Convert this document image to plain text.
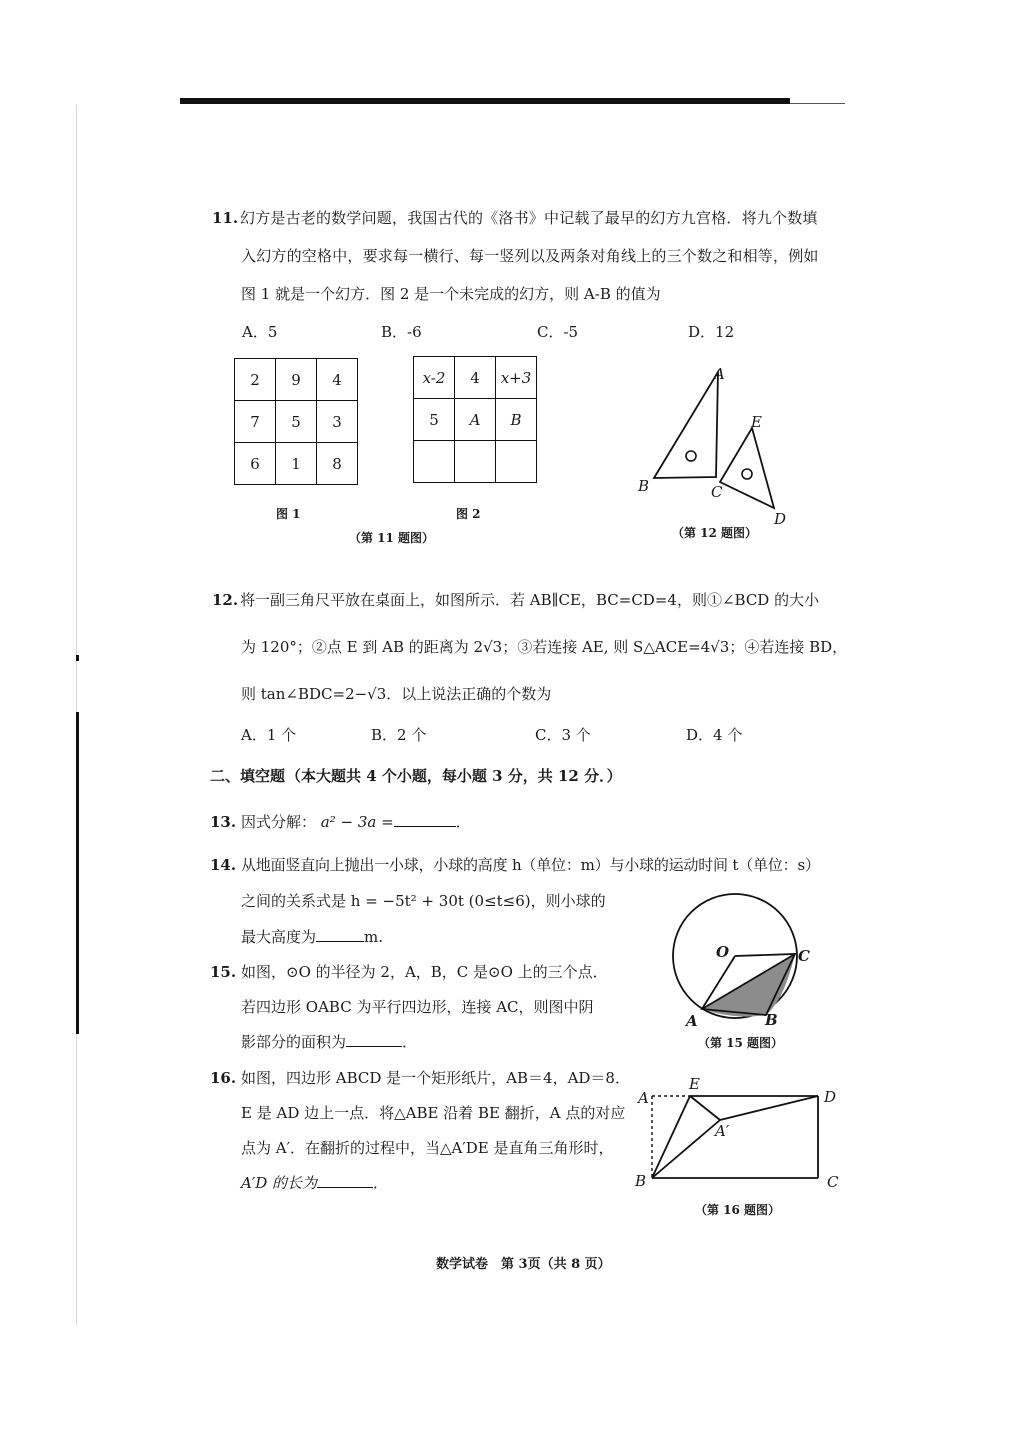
11. 幻方是古老的数学问题，我国古代的《洛书》中记载了最早的幻方九宫格．将九个数填
入幻方的空格中，要求每一横行、每一竖列以及两条对角线上的三个数之和相等，例如
图 1 就是一个幻方．图 2 是一个未完成的幻方，则 A-B 的值为
A．5	B．-6	C．-5	D．12
2	9	4
7	5	3
6	1	8
图 1
x-2	4	x+3
5	A	B

图 2
（第 11 题图）
A
B	C
E
D
（第 12 题图）
12. 将一副三角尺平放在桌面上，如图所示．若 AB∥CE，BC=CD=4，则①∠BCD 的大小
为 120°；②点 E 到 AB 的距离为 2√3；③若连接 AE, 则 S△ACE=4√3；④若连接 BD，
则 tan∠BDC=2−√3．以上说法正确的个数为
A．1 个	B．2 个	C．3 个	D．4 个
二、填空题 （本大题共 4 个小题，每小题 3 分，共 12 分．）
13. 因式分解： a² − 3a =	．
14. 从地面竖直向上抛出一小球，小球的高度 h（单位：m）与小球的运动时间 t（单位：s）
之间的关系式是 h = −5t² + 30t (0≤t≤6)，则小球的
最大高度为	m.
15. 如图，⊙O 的半径为 2，A，B，C 是⊙O 上的三个点．
若四边形 OABC 为平行四边形，连接 AC，则图中阴
影部分的面积为	．
O	C
A	B
（第 15 题图）
16. 如图，四边形 ABCD 是一个矩形纸片，AB＝4，AD＝8．
E 是 AD 边上一点．将△ABE 沿着 BE 翻折，A 点的对应
点为 A′．在翻折的过程中，当△A′DE 是直角三角形时，
A′D 的长为	．
A
E
D
A′
B	C
（第 16 题图）
数学试卷　第 3页（共 8 页）
